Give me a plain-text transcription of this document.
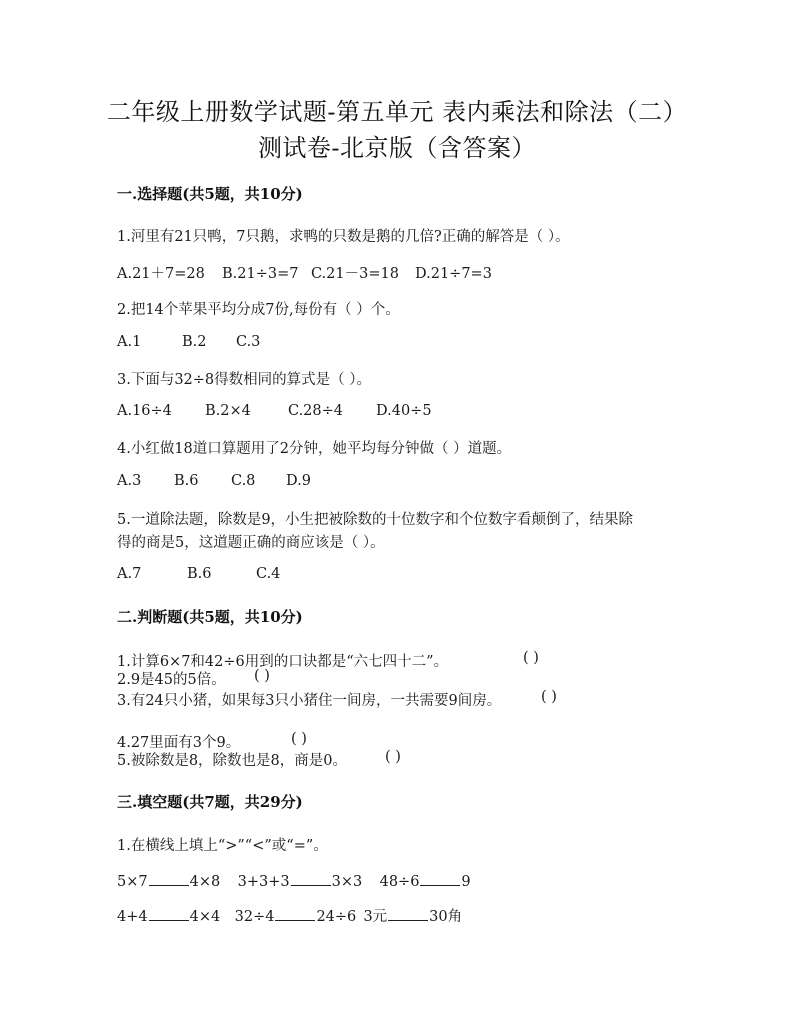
二年级上册数学试题-第五单元 表内乘法和除法（二）
测试卷-北京版（含答案）
一.选择题(共5题，共10分)
1.河里有21只鸭，7只鹅，求鸭的只数是鹅的几倍?正确的解答是（ ）。
A.21＋7=28 B.21÷3=7 C.21－3=18 D.21÷7=3
2.把14个苹果平均分成7份,每份有（ ）个。
A.1	B.2 C.3
3.下面与32÷8得数相同的算式是（ ）。
A.16÷4 B.2×4	C.28÷4 D.40÷5
4.小红做18道口算题用了2分钟，她平均每分钟做（ ）道题。
A.3 B.6 C.8 D.9
5.一道除法题，除数是9，小生把被除数的十位数字和个位数字看颠倒了，结果除
得的商是5，这道题正确的商应该是（ ）。
A.7	B.6	C.4
二.判断题(共5题，共10分)
1.计算6×7和42÷6用到的口诀都是“六七四十二”。	( )
2.9是45的5倍。 ( )
3.有24只小猪，如果每3只小猪住一间房，一共需要9间房。	( )
4.27里面有3个9。	( )
5.被除数是8，除数也是8，商是0。	( )
三.填空题(共7题，共29分)
1.在横线上填上“>”“<”或“=”。
5×7	4×8 3+3+3	3×3 48÷6	9
4+4	4×4 32÷4	24÷6 3元	30角
